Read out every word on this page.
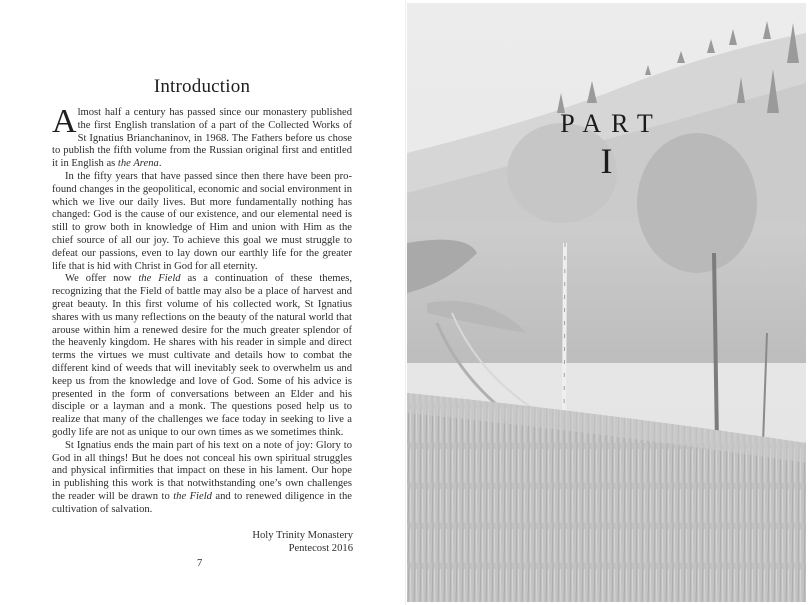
Introduction

Almost half a century has passed since our monastery published the first English translation of a part of the Collected Works of St Ignatius Brianchaninov, in 1968. The Fathers before us chose to publish the fifth volume from the Russian original first and entitled it in English as the Arena.

In the fifty years that have passed since then there have been profound changes in the geopolitical, economic and social environment in which we live our daily lives. But more fundamentally nothing has changed: God is the cause of our existence, and our elemental need is still to grow both in knowledge of Him and union with Him as the chief source of all our joy. To achieve this goal we must struggle to defeat our passions, even to lay down our earthly life for the greater life that is hid with Christ in God for all eternity.

We offer now the Field as a continuation of these themes, recognizing that the Field of battle may also be a place of harvest and great beauty. In this first volume of his collected work, St Ignatius shares with us many reflections on the beauty of the natural world that arouse within him a renewed desire for the much greater splendor of the heavenly kingdom. He shares with his reader in simple and direct terms the virtues we must cultivate and details how to combat the different kind of weeds that will inevitably seek to overwhelm us and keep us from the knowledge and love of God. Some of his advice is presented in the form of conversations between an Elder and his disciple or a layman and a monk. The questions posed help us to realize that many of the challenges we face today in seeking to live a godly life are not as unique to our own times as we sometimes think.

St Ignatius ends the main part of his text on a note of joy: Glory to God in all things! But he does not conceal his own spiritual struggles and physical infirmities that impact on these in his lament. Our hope in publishing this work is that notwithstanding one’s own challenges the reader will be drawn to the Field and to renewed diligence in the cultivation of salvation.

Holy Trinity Monastery
Pentecost 2016
7
PART
I
